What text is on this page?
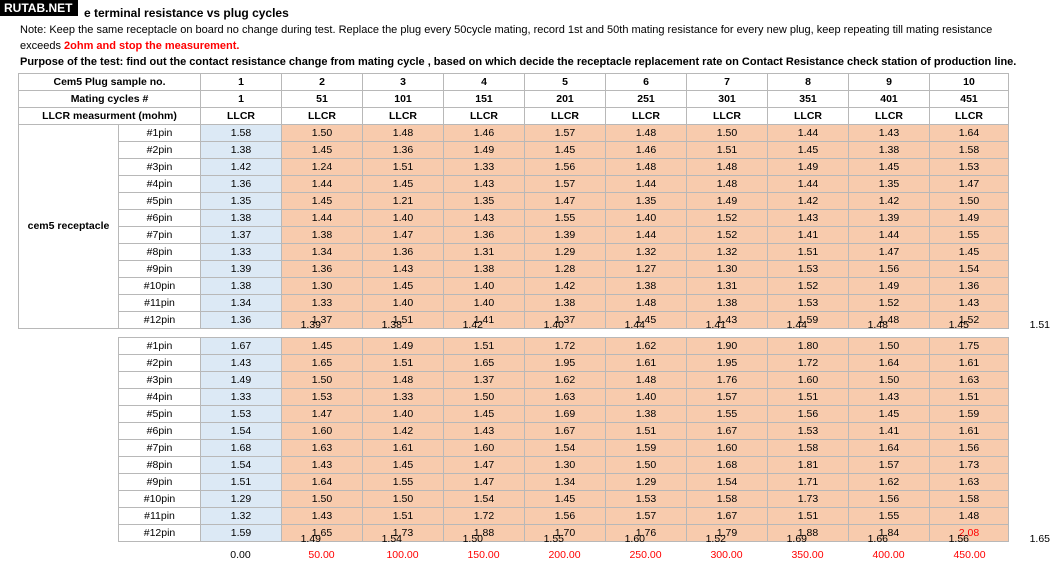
RUTAB.NET e terminal resistance vs plug cycles
Note: Keep the same receptacle on board no change during test. Replace the plug every 50cycle mating, record 1st and 50th mating resistance for every new plug, keep repeating till mating resistance exceeds 2ohm and stop the measurement.
Purpose of the test: find out the contact resistance change from mating cycle , based on which decide the receptacle replacement rate on Contact Resistance check station of production line.
Cem5 Plug sample no.		1	2	3	4	5	6	7	8	9	10
Mating cycles #		1	51	101	151	201	251	301	351	401	451
LLCR measurment (mohm)		LLCR	LLCR	LLCR	LLCR	LLCR	LLCR	LLCR	LLCR	LLCR	LLCR
cem5 receptacle	#1pin	1.58	1.50	1.48	1.46	1.57	1.48	1.50	1.44	1.43	1.64
	#2pin	1.38	1.45	1.36	1.49	1.45	1.46	1.51	1.45	1.38	1.58
	#3pin	1.42	1.24	1.51	1.33	1.56	1.48	1.48	1.49	1.45	1.53
	#4pin	1.36	1.44	1.45	1.43	1.57	1.44	1.48	1.44	1.35	1.47
	#5pin	1.35	1.45	1.21	1.35	1.47	1.35	1.49	1.42	1.42	1.50
	#6pin	1.38	1.44	1.40	1.43	1.55	1.40	1.52	1.43	1.39	1.49
	#7pin	1.37	1.38	1.47	1.36	1.39	1.44	1.52	1.41	1.44	1.55
	#8pin	1.33	1.34	1.36	1.31	1.29	1.32	1.32	1.51	1.47	1.45
	#9pin	1.39	1.36	1.43	1.38	1.28	1.27	1.30	1.53	1.56	1.54
	#10pin	1.38	1.30	1.45	1.40	1.42	1.38	1.31	1.52	1.49	1.36
	#11pin	1.34	1.33	1.40	1.40	1.38	1.48	1.38	1.53	1.52	1.43
	#12pin	1.36	1.37	1.51	1.41	1.37	1.45	1.43	1.59	1.48	1.52
1.39	1.38	1.42	1.40	1.44	1.41	1.44	1.48	1.45	1.51
#1pin	1.67	1.45	1.49	1.51	1.72	1.62	1.90	1.80	1.50	1.75
#2pin	1.43	1.65	1.51	1.65	1.95	1.61	1.95	1.72	1.64	1.61
#3pin	1.49	1.50	1.48	1.37	1.62	1.48	1.76	1.60	1.50	1.63
#4pin	1.33	1.53	1.33	1.50	1.63	1.40	1.57	1.51	1.43	1.51
#5pin	1.53	1.47	1.40	1.45	1.69	1.38	1.55	1.56	1.45	1.59
#6pin	1.54	1.60	1.42	1.43	1.67	1.51	1.67	1.53	1.41	1.61
#7pin	1.68	1.63	1.61	1.60	1.54	1.59	1.60	1.58	1.64	1.56
#8pin	1.54	1.43	1.45	1.47	1.30	1.50	1.68	1.81	1.57	1.73
#9pin	1.51	1.64	1.55	1.47	1.34	1.29	1.54	1.71	1.62	1.63
#10pin	1.29	1.50	1.50	1.54	1.45	1.53	1.58	1.73	1.56	1.58
#11pin	1.32	1.43	1.51	1.72	1.56	1.57	1.67	1.51	1.55	1.48
#12pin	1.59	1.65	1.73	1.88	1.70	1.76	1.79	1.88	1.84	2.08
1.49	1.54	1.50	1.55	1.60	1.52	1.69	1.66	1.56	1.65
0.00	50.00	100.00	150.00	200.00	250.00	300.00	350.00	400.00	450.00
